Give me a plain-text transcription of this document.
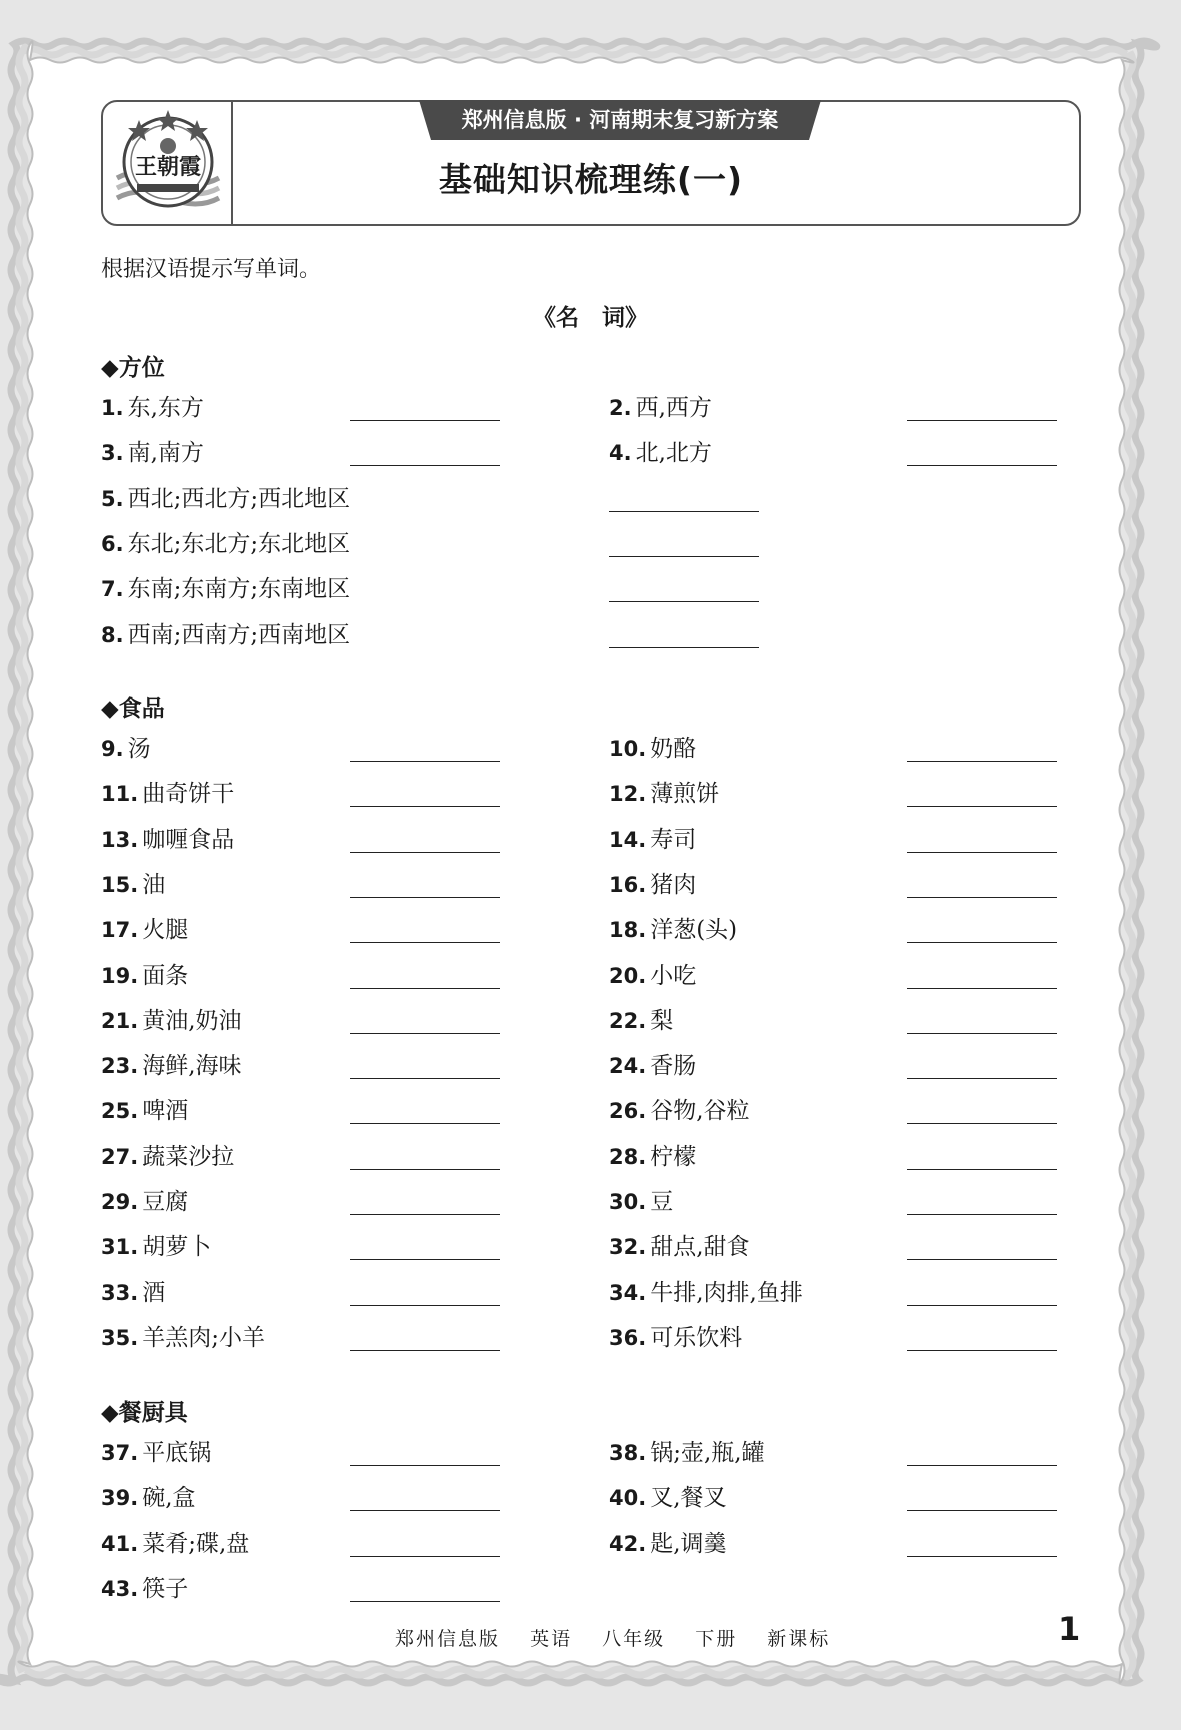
王朝霞
郑州信息版 · 河南期末复习新方案
基础知识梳理练(一)
根据汉语提示写单词。
《名　词》
◆方位
◆食品
◆餐厨具
1. 东,东方	2. 西,西方
3. 南,南方	4. 北,北方
5. 西北;西北方;西北地区
6. 东北;东北方;东北地区
7. 东南;东南方;东南地区
8. 西南;西南方;西南地区
9. 汤	10. 奶酪
11. 曲奇饼干	12. 薄煎饼
13. 咖喱食品	14. 寿司
15. 油	16. 猪肉
17. 火腿	18. 洋葱(头)
19. 面条	20. 小吃
21. 黄油,奶油	22. 梨
23. 海鲜,海味	24. 香肠
25. 啤酒	26. 谷物,谷粒
27. 蔬菜沙拉	28. 柠檬
29. 豆腐	30. 豆
31. 胡萝卜	32. 甜点,甜食
33. 酒	34. 牛排,肉排,鱼排
35. 羊羔肉;小羊	36. 可乐饮料
37. 平底锅	38. 锅;壶,瓶,罐
39. 碗,盒	40. 叉,餐叉
41. 菜肴;碟,盘	42. 匙,调羹
43. 筷子
郑州信息版 英语 八年级 下册 新课标	1
